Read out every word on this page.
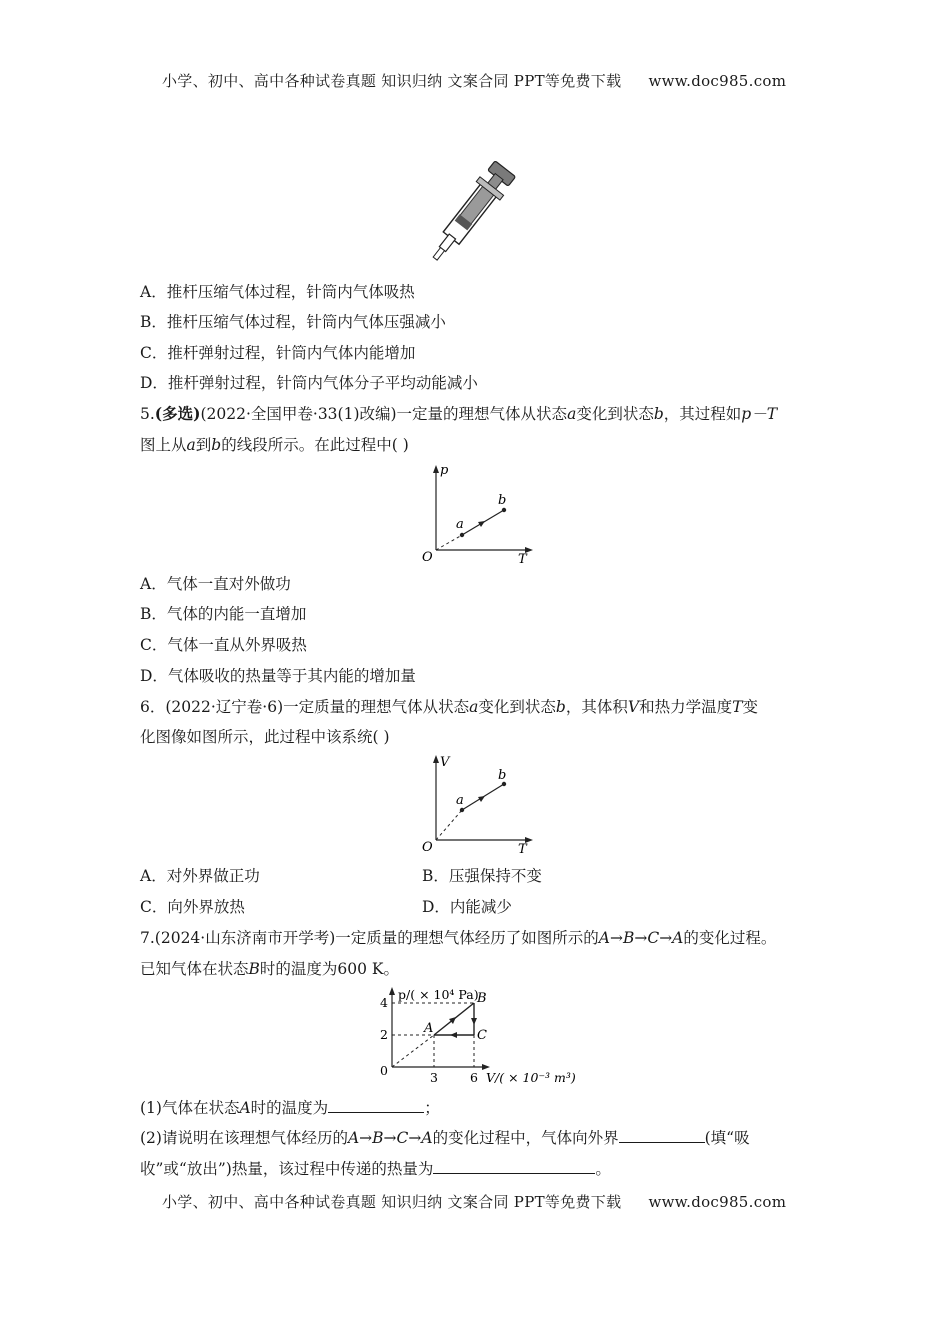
小学、初中、高中各种试卷真题 知识归纳 文案合同 PPT等免费下载 www.doc985.com
A．推杆压缩气体过程，针筒内气体吸热
B．推杆压缩气体过程，针筒内气体压强减小
C．推杆弹射过程，针筒内气体内能增加
D．推杆弹射过程，针筒内气体分子平均动能减小
5.(多选)(2022·全国甲卷·33(1)改编)一定量的理想气体从状态a变化到状态b，其过程如p－T
图上从a到b的线段所示。在此过程中( )
p
T
O
a
b
A．气体一直对外做功
B．气体的内能一直增加
C．气体一直从外界吸热
D．气体吸收的热量等于其内能的增加量
6．(2022·辽宁卷·6)一定质量的理想气体从状态a变化到状态b，其体积V和热力学温度T变
化图像如图所示，此过程中该系统( )
V
T
O
a
b
A．对外界做正功	B．压强保持不变
C．向外界放热	D．内能减少
7.(2024·山东济南市开学考)一定质量的理想气体经历了如图所示的A→B→C→A的变化过程。
已知气体在状态B时的温度为600 K。
p/( × 10⁴ Pa)
4
2
0	3	6 V/( × 10⁻³ m³)
A
B
C
(1)气体在状态A时的温度为	；
(2)请说明在该理想气体经历的A→B→C→A的变化过程中，气体向外界	(填“吸
收”或“放出”)热量，该过程中传递的热量为	。
小学、初中、高中各种试卷真题 知识归纳 文案合同 PPT等免费下载 www.doc985.com
